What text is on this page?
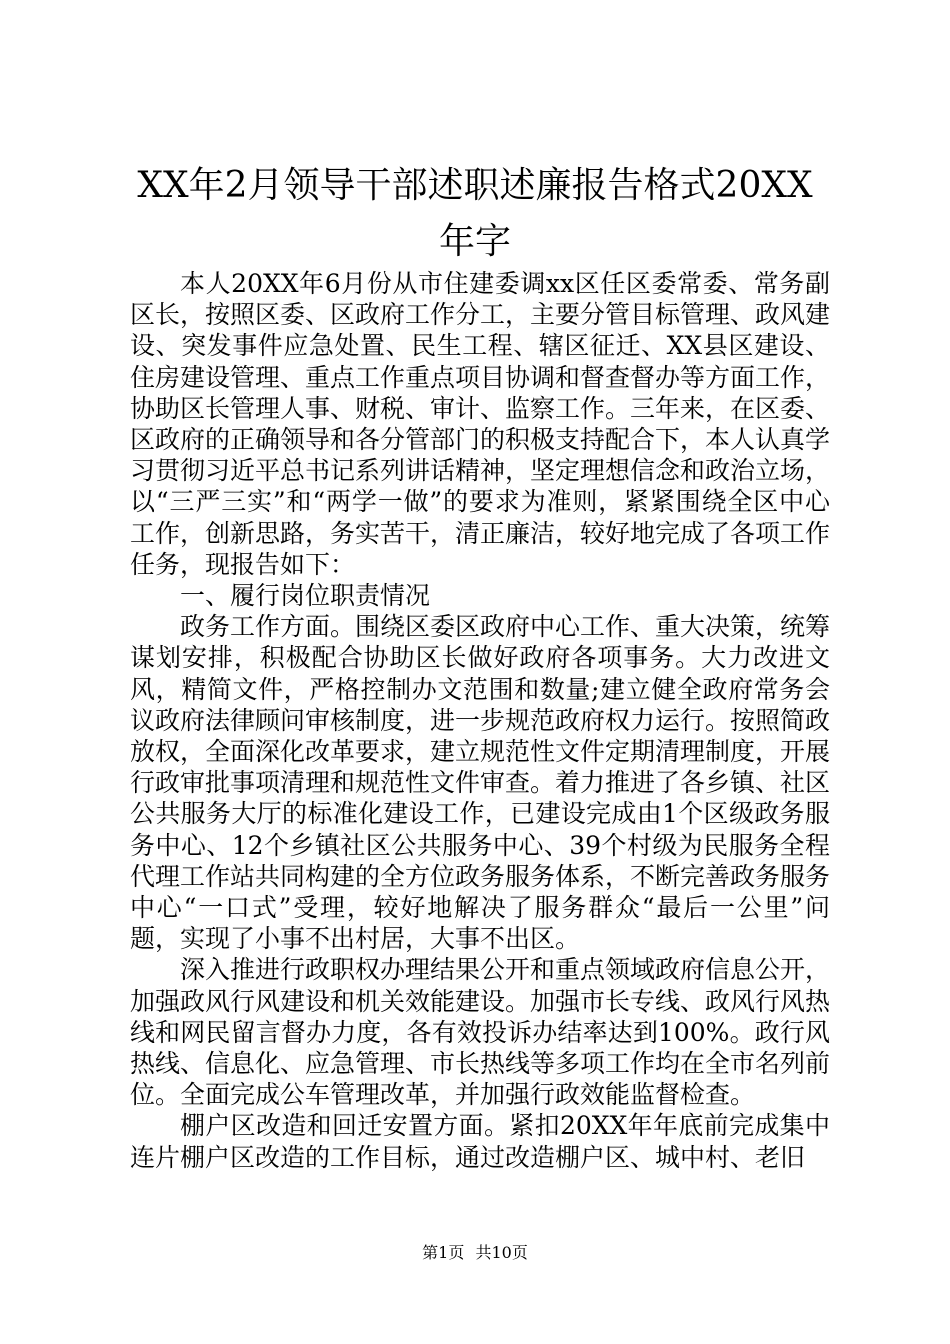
XX年2月领导干部述职述廉报告格式20XX年字

本人20XX年6月份从市住建委调xx区任区委常委、常务副区长，按照区委、区政府工作分工，主要分管目标管理、政风建设、突发事件应急处置、民生工程、辖区征迁、XX县区建设、住房建设管理、重点工作重点项目协调和督查督办等方面工作，协助区长管理人事、财税、审计、监察工作。三年来，在区委、区政府的正确领导和各分管部门的积极支持配合下，本人认真学习贯彻习近平总书记系列讲话精神，坚定理想信念和政治立场，以“三严三实”和“两学一做”的要求为准则，紧紧围绕全区中心工作，创新思路，务实苦干，清正廉洁，较好地完成了各项工作任务，现报告如下：

一、履行岗位职责情况

政务工作方面。围绕区委区政府中心工作、重大决策，统筹谋划安排，积极配合协助区长做好政府各项事务。大力改进文风，精简文件，严格控制办文范围和数量;建立健全政府常务会议政府法律顾问审核制度，进一步规范政府权力运行。按照简政放权，全面深化改革要求，建立规范性文件定期清理制度，开展行政审批事项清理和规范性文件审查。着力推进了各乡镇、社区公共服务大厅的标准化建设工作，已建设完成由1个区级政务服务中心、12个乡镇社区公共服务中心、39个村级为民服务全程代理工作站共同构建的全方位政务服务体系，不断完善政务服务中心“一口式”受理，较好地解决了服务群众“最后一公里”问题，实现了小事不出村居，大事不出区。

深入推进行政职权办理结果公开和重点领域政府信息公开，加强政风行风建设和机关效能建设。加强市长专线、政风行风热线和网民留言督办力度，各有效投诉办结率达到100%。政行风热线、信息化、应急管理、市长热线等多项工作均在全市名列前位。全面完成公车管理改革，并加强行政效能监督检查。

棚户区改造和回迁安置方面。紧扣20XX年年底前完成集中连片棚户区改造的工作目标，通过改造棚户区、城中村、老旧

第1页 共10页
